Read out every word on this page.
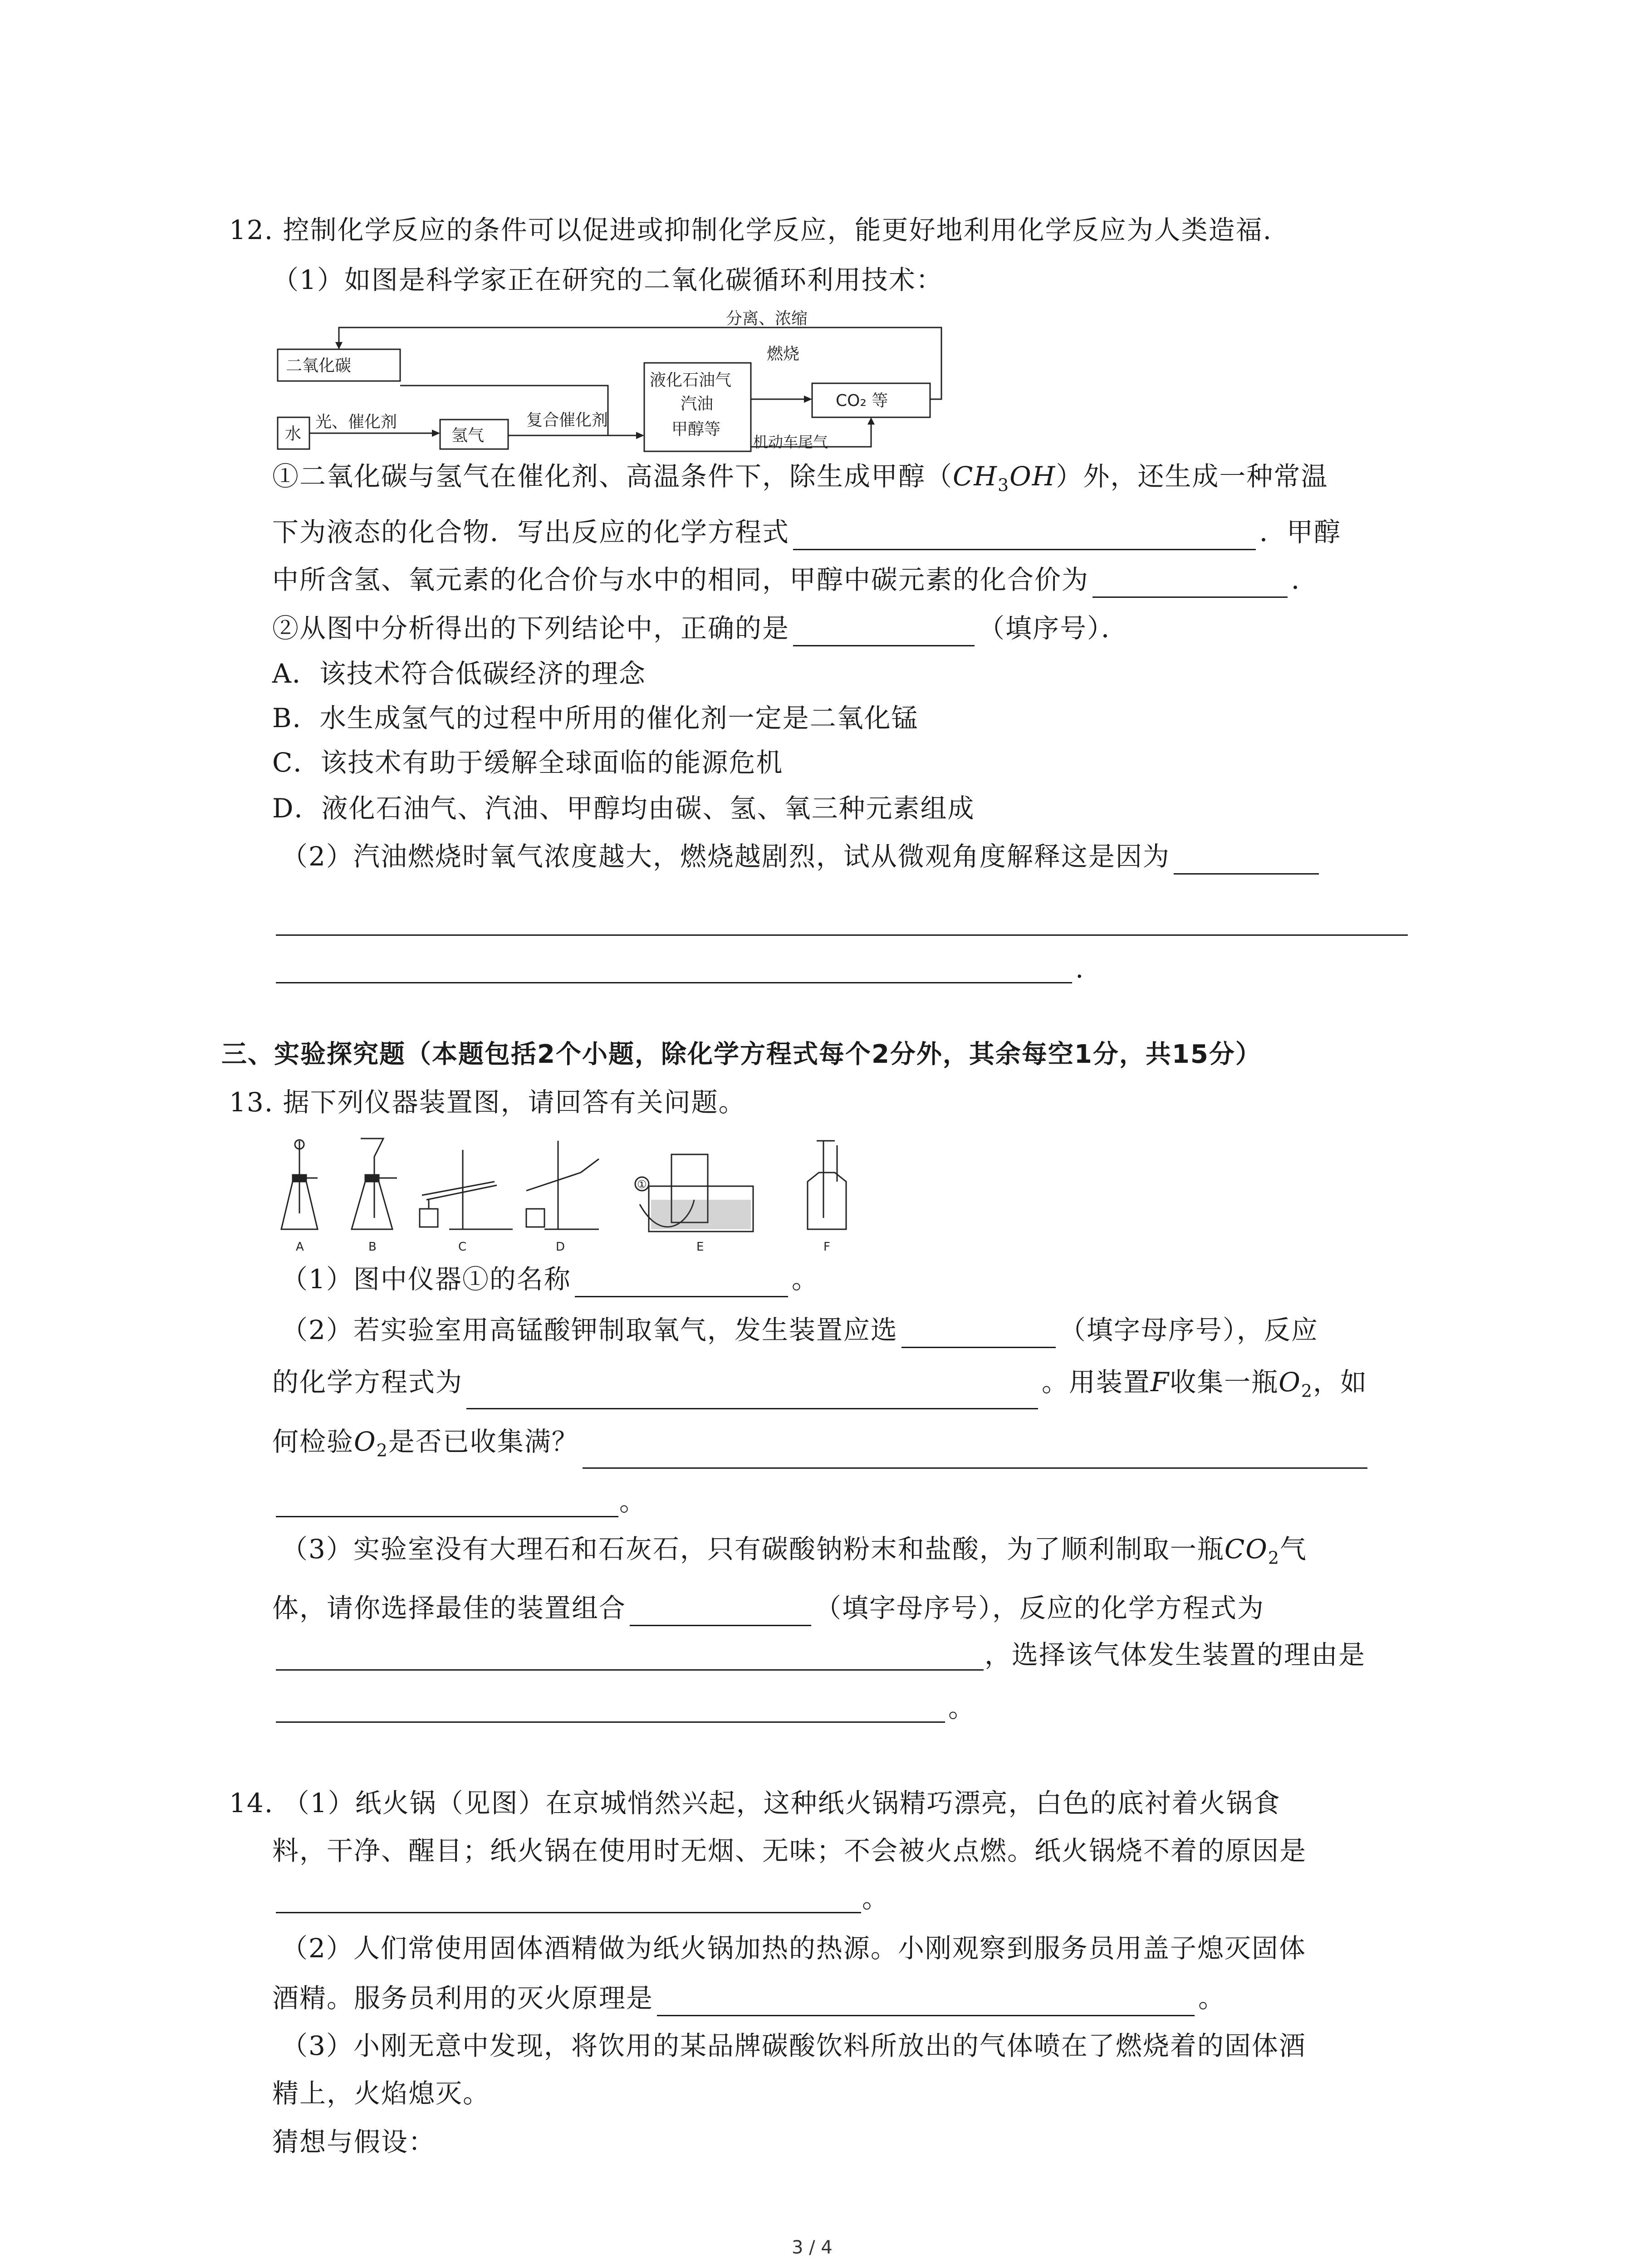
12. 控制化学反应的条件可以促进或抑制化学反应，能更好地利用化学反应为人类造福.
（1）如图是科学家正在研究的二氧化碳循环利用技术：
二氧化碳
水
光、催化剂
氢气
复合催化剂
液化石油气
汽油
甲醇等
燃烧
CO₂ 等
机动车尾气
分离、浓缩
①二氧化碳与氢气在催化剂、高温条件下，除生成甲醇$(CH_3OH)$外，还生成一种常温
下为液态的化合物．写出反应的化学方程式	．甲醇
中所含氢、氧元素的化合价与水中的相同，甲醇中碳元素的化合价为	．
②从图中分析得出的下列结论中，正确的是	（填序号）．
A．该技术符合低碳经济的理念
B．水生成氢气的过程中所用的催化剂一定是二氧化锰
C．该技术有助于缓解全球面临的能源危机
D．液化石油气、汽油、甲醇均由碳、氢、氧三种元素组成
（2）汽油燃烧时氧气浓度越大，燃烧越剧烈，试从微观角度解释这是因为
.
三、实验探究题（本题包括2个小题，除化学方程式每个2分外，其余每空1分，共15分）
13. 据下列仪器装置图，请回答有关问题。
A	B	C	D	E	F
①
（1）图中仪器①的名称	。
（2）若实验室用高锰酸钾制取氧气，发生装置应选	（填字母序号），反应
的化学方程式为	。用装置F收集一瓶$O_2$，如
何检验$O_2$是否已收集满？
。
（3）实验室没有大理石和石灰石，只有碳酸钠粉末和盐酸，为了顺利制取一瓶$CO_2$气
体，请你选择最佳的装置组合	（填字母序号），反应的化学方程式为
，选择该气体发生装置的理由是
。
14. （1）纸火锅（见图）在京城悄然兴起，这种纸火锅精巧漂亮，白色的底衬着火锅食
料，干净、醒目；纸火锅在使用时无烟、无味；不会被火点燃。纸火锅烧不着的原因是
。
（2）人们常使用固体酒精做为纸火锅加热的热源。小刚观察到服务员用盖子熄灭固体
酒精。服务员利用的灭火原理是	。
（3）小刚无意中发现，将饮用的某品牌碳酸饮料所放出的气体喷在了燃烧着的固体酒
精上，火焰熄灭。
猜想与假设：
3 / 4
